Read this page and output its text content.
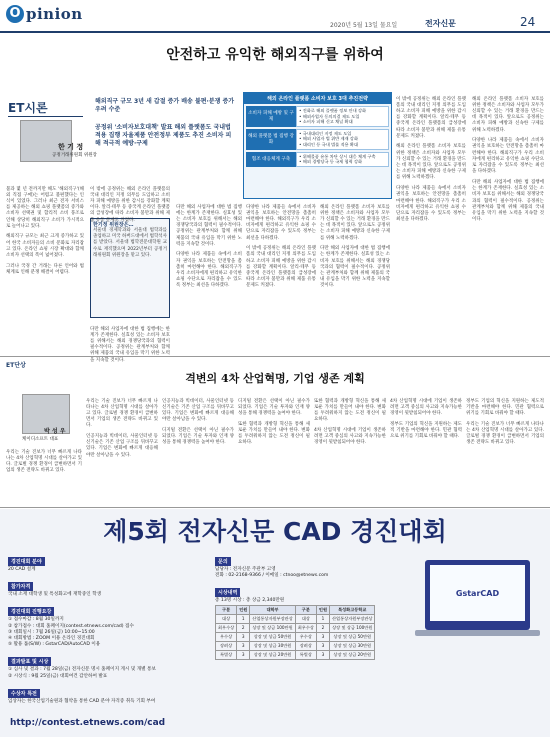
O pinion
2020년 5월 13일 물요일	전자신문	24
안전하고 유익한 해외직구를 위하여
ET시론
한 기 정
공정거래위원회 위원장
해외직구 규모 3년 새 갑절 증가 배송 불편·분쟁 증가 우려 수준
공정위 '소비자보호대책' 발표 해외 플랫폼도 국내법 적용 집행 자율제품 안전정부 제품도 추진 소비자 피해 적극적 예방·구제
해외 온라인 플랫폼 소비자 보호 3대 추진전략
소비자 피해 예방 및 구제
• 전화로 해외 플랫폼 정보 안내 강화
• 해외사업자 동의의결 제도 도입
• 소비자 피해 신고 채널 확대
해외 플랫폼 법 집행 강화
• 국내대리인 지정 제도 도입
• 해외 사업자 법 위반 제재 강화
• 대리인 등 국내 법률 적용 확대
협조 대응체계 구축
• 위해물품 유통 차단 상시 대응 체계 구축
• 해외 경쟁당국 등 국제 협력 강화

불과 몇 년 전까지만 해도 '해외직구'(해외 직접 구매)는 어렵고 불편했다는 인식이 있었다. 그러나 최근 전자 서비스를 제공하는 해외 쇼핑 플랫폼의 증가와 소비자 선택권 및 합리적 소비 풍조로 인해 상당히 해외직구 소비가 가시적으로 늘어나고 있다.

해외직구 규모는 최근 크게 증가하고 있어 한국 소비자들의 소비 문화로 자리잡고 있다. 온라인 쇼핑 시장 확대와 함께 소비자 선택의 폭이 넓어졌다.

그러나 국경 간 거래는 다른 언어와 법 체계로 인해 분쟁 해결이 어렵다.

한기정 위원장은…
서울대 경제학과와 서울대 법학과를 졸업하고 미국 하버드대에서 법학석사를 받았다. 서울대 법학전문대학원 교수로 재직했으며 2022년부터 공정거래위원회 위원장을 맡고 있다.

이 밖에 공정위는 해외 온라인 플랫폼의 국내 대리인 지정 의무를 도입하고 소비자 피해 예방을 위한 감시를 강화할 계획이다. 알리·테무 등 중국계 온라인 플랫폼의 급성장에 따라 소비자 불만과 위해 제품 유통 문제도 커졌다.

다만 해외 사업자에 대한 법 집행에는 한계가 존재한다. 실효성 있는 소비자 보호를 위해서는 해외 경쟁당국과의 협력이 필수적이다. 공정위는 관계부처와 함께 위해 제품의 국내 유입을 막기 위한 노력을 지속할 것이다.

다만 해외 사업자에 대한 법 집행에는 한계가 존재한다. 실효성 있는 소비자 보호를 위해서는 해외 경쟁당국과의 협력이 필수적이다. 공정위는 관계부처와 함께 위해 제품의 국내 유입을 막기 위한 노력을 지속할 것이다.

다양한 나라 제품들 속에서 소비자 권익을 보호하는 안전망을 촘촘히 마련해야 한다. 해외직구가 우리 소비자에게 편리하고 유익한 쇼핑 수단으로 자리잡을 수 있도록 정부는 최선을 다하겠다.

다양한 나라 제품들 속에서 소비자 권익을 보호하는 안전망을 촘촘히 마련해야 한다. 해외직구가 우리 소비자에게 편리하고 유익한 쇼핑 수단으로 자리잡을 수 있도록 정부는 최선을 다하겠다.

이 밖에 공정위는 해외 온라인 플랫폼의 국내 대리인 지정 의무를 도입하고 소비자 피해 예방을 위한 감시를 강화할 계획이다. 알리·테무 등 중국계 온라인 플랫폼의 급성장에 따라 소비자 불만과 위해 제품 유통 문제도 커졌다.

해외 온라인 플랫폼 소비자 보호를 위한 정책은 소비자와 사업자 모두가 신뢰할 수 있는 거래 환경을 만드는 데 목적이 있다. 앞으로도 공정위는 소비자 피해 예방과 신속한 구제를 위해 노력하겠다.

다만 해외 사업자에 대한 법 집행에는 한계가 존재한다. 실효성 있는 소비자 보호를 위해서는 해외 경쟁당국과의 협력이 필수적이다. 공정위는 관계부처와 함께 위해 제품의 국내 유입을 막기 위한 노력을 지속할 것이다.

이 밖에 공정위는 해외 온라인 플랫폼의 국내 대리인 지정 의무를 도입하고 소비자 피해 예방을 위한 감시를 강화할 계획이다. 알리·테무 등 중국계 온라인 플랫폼의 급성장에 따라 소비자 불만과 위해 제품 유통 문제도 커졌다.

해외 온라인 플랫폼 소비자 보호를 위한 정책은 소비자와 사업자 모두가 신뢰할 수 있는 거래 환경을 만드는 데 목적이 있다. 앞으로도 공정위는 소비자 피해 예방과 신속한 구제를 위해 노력하겠다.

다양한 나라 제품들 속에서 소비자 권익을 보호하는 안전망을 촘촘히 마련해야 한다. 해외직구가 우리 소비자에게 편리하고 유익한 쇼핑 수단으로 자리잡을 수 있도록 정부는 최선을 다하겠다.

해외 온라인 플랫폼 소비자 보호를 위한 정책은 소비자와 사업자 모두가 신뢰할 수 있는 거래 환경을 만드는 데 목적이 있다. 앞으로도 공정위는 소비자 피해 예방과 신속한 구제를 위해 노력하겠다.

다양한 나라 제품들 속에서 소비자 권익을 보호하는 안전망을 촘촘히 마련해야 한다. 해외직구가 우리 소비자에게 편리하고 유익한 쇼핑 수단으로 자리잡을 수 있도록 정부는 최선을 다하겠다.

다만 해외 사업자에 대한 법 집행에는 한계가 존재한다. 실효성 있는 소비자 보호를 위해서는 해외 경쟁당국과의 협력이 필수적이다. 공정위는 관계부처와 함께 위해 제품의 국내 유입을 막기 위한 노력을 지속할 것이다.

ET단상
격변의 4차 산업혁명, 기업 생존 계획
박 성 우
케이디소프트 대표

우리는 기술 진보가 너무 빠르게 나타나는 4차 산업혁명 시대를 살아가고 있다. 글로벌 경쟁 환경이 급변하면서 기업의 생존 전략도 바뀌고 있다.

우리는 기술 진보가 너무 빠르게 나타나는 4차 산업혁명 시대를 살아가고 있다. 글로벌 경쟁 환경이 급변하면서 기업의 생존 전략도 바뀌고 있다.

인공지능과 빅데이터, 사물인터넷 등 신기술은 기존 산업 구조를 뒤바꾸고 있다. 기업은 변화에 빠르게 대응해야만 살아남을 수 있다.

인공지능과 빅데이터, 사물인터넷 등 신기술은 기존 산업 구조를 뒤바꾸고 있다. 기업은 변화에 빠르게 대응해야만 살아남을 수 있다.

디지털 전환은 선택이 아닌 필수가 되었다. 기업은 기술 투자와 인재 양성을 통해 경쟁력을 높여야 한다.

디지털 전환은 선택이 아닌 필수가 되었다. 기업은 기술 투자와 인재 양성을 통해 경쟁력을 높여야 한다.

또한 협력과 개방형 혁신을 통해 새로운 가치를 만들어 내야 한다. 변화를 두려워하지 않는 도전 정신이 필요하다.

또한 협력과 개방형 혁신을 통해 새로운 가치를 만들어 내야 한다. 변화를 두려워하지 않는 도전 정신이 필요하다.

4차 산업혁명 시대에 기업이 생존하려면 고객 중심의 사고와 지속가능한 경영이 뒷받침되어야 한다.

4차 산업혁명 시대에 기업이 생존하려면 고객 중심의 사고와 지속가능한 경영이 뒷받침되어야 한다.

정부도 기업의 혁신을 지원하는 제도적 기반을 마련해야 한다. 민관 협력으로 위기를 기회로 바꿔야 할 때다.

정부도 기업의 혁신을 지원하는 제도적 기반을 마련해야 한다. 민관 협력으로 위기를 기회로 바꿔야 할 때다.

우리는 기술 진보가 너무 빠르게 나타나는 4차 산업혁명 시대를 살아가고 있다. 글로벌 경쟁 환경이 급변하면서 기업의 생존 전략도 바뀌고 있다.

제5회 전자신문 CAD 경진대회
경진대회 분야
20 CAD 설계
참가자격
국내 소재 대학생 및 특성화고에 재학중인 학생
경진대회 진행요강
① 접수마감 : 8월 30일까지
② 참가접수 : 대회 홈페이지(contest.etnews.com/cad) 접수
③ 대회일시 : 7월 26일(금) 10:00~15:00
④ 대회방법 : ZOOM 이용 온라인 경진대회
⑤ 활용 툴(S/W) : GstarCAD/AutoCAD 이용
결과발표 및 시상
① 심사 및 결과 : 7월 28일(금) 전자신문 명시 홈페이지 게시 및 개별 통보
② 시상식 : 9월 25일(금) 대회여건 감안하여 발표
수상자 특전
입상자는 한국산업기술원과 협약을 통한 CAD 분야 자격증 취득 기회 부여
문의
담당자 : 전자신문 주관부 고영
전화 : 02-2168-9366 / 이메일 : ctnoo@etnews.com
시상내역
총 13명 시상 : 총 상금 2,340만원
구분	인원	대학부	구분	인원	특성화고등학교
대상	1	산업통상자원부장관상	대상	1	산업통상자원부장관상
최우수상	2	상장 및 상금 100만원	최우수상	2	상장 및 상금 100만원
우수상	3	상장 및 상금 50만원	우수상	3	상장 및 상금 50만원
장려상	3	상장 및 상금 30만원	장려상	3	상장 및 상금 30만원
특별상	3	상장 및 상금 20만원	특별상	3	상장 및 상금 20만원
GstarCAD
http://contest.etnews.com/cad
